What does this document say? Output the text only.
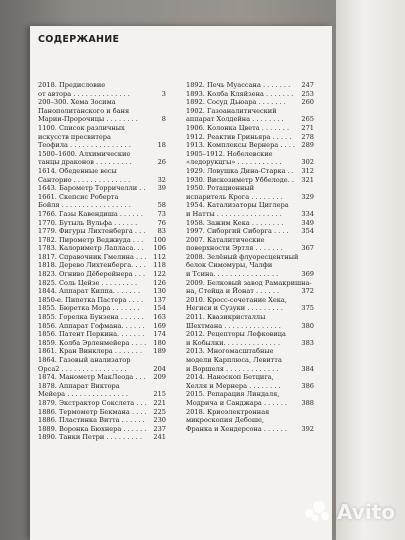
СОДЕРЖАНИЕ
2018. Предисловие
от автора . . . . . . . . . . . . . .	3
200–300. Хема Зосима
Панополитанского и баня
Марии-Пророчицы . . . . . . . .	8
1100. Список различных
искусств пресвитера
Теофила . . . . . . . . . . . . . . .	18
1500–1600. Алхимические
танцы драконов . . . . . . . . .	26
1614. Обеденные весы
Санторио . . . . . . . . . . . . . .	32
1643. Барометр Торричелли . .	39
1661. Скепсис Роберта
Бойля . . . . . . . . . . . . . . . . .	58
1766. Газы Кавендиша . . . . . .	73
1770. Бутыль Вульфа . . . . . .	76
1779. Фигуры Лихтенберга . . .	83
1782. Пирометр Веджвуда . . .	100
1783. Калориметр Лапласа. . .	106
1817. Справочник Гмелина . . .	112
1818. Дерево Лихтенберга. . . .	118
1823. Огниво Дёберейнера . . .	122
1825. Соль Цейзе . . . . . . . . .	126
1844. Аппарат Киппа. . . . . . .	130
1850-е. Пипетка Пастера . . . .	137
1855. Бюретка Мора . . . . . . .	154
1855. Горелка Бунзена . . . . . .	163
1856. Аппарат Гофмана. . . . . .	169
1856. Патент Перкина. . . . . . .	174
1859. Колба Эрленмейера . . . .	180
1861. Кран Винклера . . . . . . .	189
1864. Газовый анализатор
Орса2 . . . . . . . . . . . . . . . .	204
1874. Манометр МакЛеода . . .	209
1878. Аппарат Виктора
Мейера . . . . . . . . . . . . . . .	215
1879. Экстрактор Сокслета . . .	221
1886. Термометр Бекмана . . . .	225
1886. Пластинка Витта . . . . . .	230
1889. Воронка Бюхнера . . . . . .	237
1890. Танки Петри . . . . . . . . .	241
1892. Печь Муассана . . . . . . .	247
1893. Колба Кляйзена . . . . . . .	253
1892. Сосуд Дьюара . . . . . . .	260
1902. Газоаналитический
аппарат Холдейна . . . . . . . .	265
1906. Колонка Цвета . . . . . . .	271
1912. Реактив Гриньяра . . . . .	278
1913. Комплексы Вернера . . . . 289
1905–1912. Нобелевские
«ледорукцгы» . . . . . . . . . . .	302
1929. Ловушка Дина-Старка . .	312
1930. Вискозиметр Уббелоде. .	321
1950. Ротационный
испаритель Крога . . . . . . . .	329
1954. Катализаторы Циглера
и Натты . . . . . . . . . . . . . . . .	334
1958. Зажим Кека . . . . . . . .	349
1997. Сиборгий Сиборга . . . .	354
2007. Каталитические
поверхности Эртля . . . . . . .	367
2008. Зелёный флуоресцентный
белок Симомуры, Чалфи
и Тсина. . . . . . . . . . . . . . . .	369
2009. Белковый завод Рамакришна-
на, Стейца и Йонат . . . . . .	372
2010. Кросс-сочетание Хека,
Негиси и Сузуки . . . . . . . . .	375
2011. Квазикристаллы
Шехтмана . . . . . . . . . . . . . .	380
2012. Рецепторы Лефковица
и Кобылки. . . . . . . . . . . . . .	383
2013. Многомасштабные
модели Карплюса, Левитта
и Воршеля . . . . . . . . . . . . .	384
2014. Наноскоп Бетцига,
Хелля и Мернера . . . . . . . .	386
2015. Репарация Линдаля,
Модрича и Санджара . . . . . .	388
2018. Криоэлектронная
микроскопия Дебоше,
Франка и Хендерсона . . . . . .	392
Avito
